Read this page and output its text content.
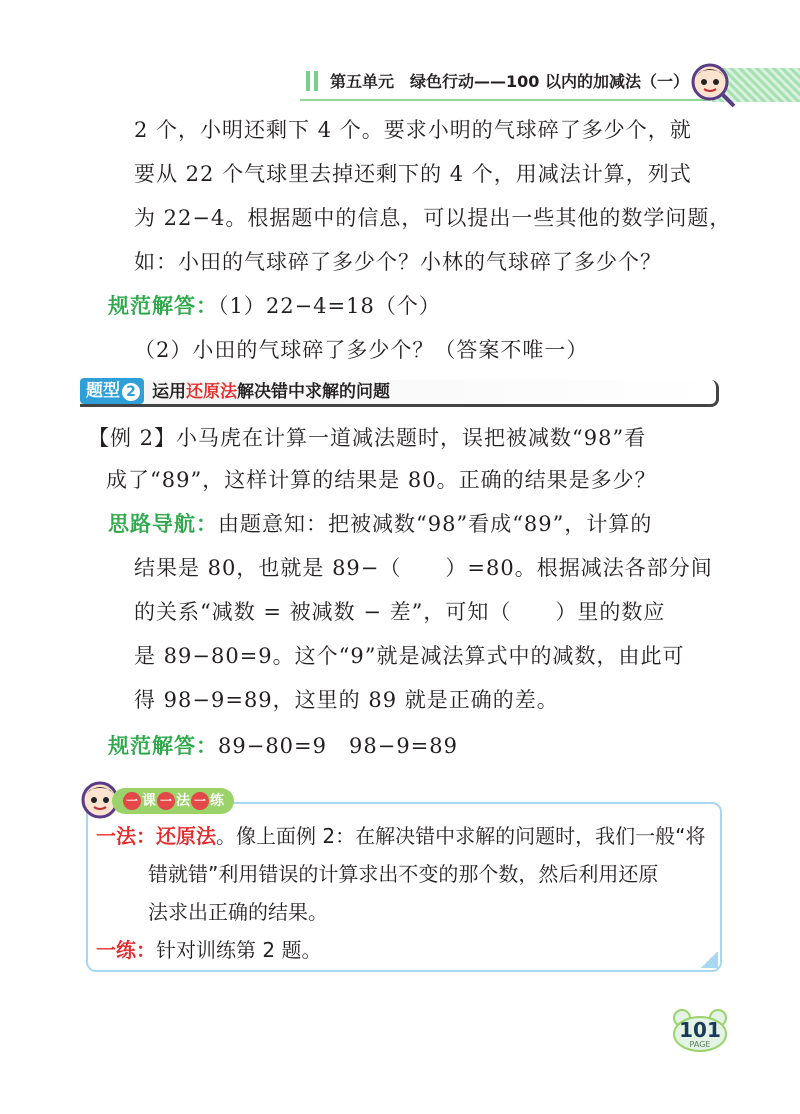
第五单元　绿色行动——100 以内的加减法（一）
2 个，小明还剩下 4 个。要求小明的气球碎了多少个，就
要从 22 个气球里去掉还剩下的 4 个，用减法计算，列式
为 22−4。根据题中的信息，可以提出一些其他的数学问题，
如：小田的气球碎了多少个？小林的气球碎了多少个？
规范解答：（1）22−4=18（个）
（2）小田的气球碎了多少个？（答案不唯一）
题型 2 运用还原法解决错中求解的问题
【例 2】小马虎在计算一道减法题时，误把被减数“98”看
成了“89”，这样计算的结果是 80。正确的结果是多少？
思路导航：由题意知：把被减数“98”看成“89”，计算的
结果是 80，也就是 89−（　　）=80。根据减法各部分间
的关系“减数 = 被减数 − 差”，可知（　　）里的数应
是 89−80=9。这个“9”就是减法算式中的减数，由此可
得 98−9=89，这里的 89 就是正确的差。
规范解答：89−80=9　98−9=89
一 课 一 法 一 练
一法：还原法。像上面例 2：在解决错中求解的问题时，我们一般“将
错就错”利用错误的计算求出不变的那个数，然后利用还原
法求出正确的结果。
一练：针对训练第 2 题。
101
PAGE
